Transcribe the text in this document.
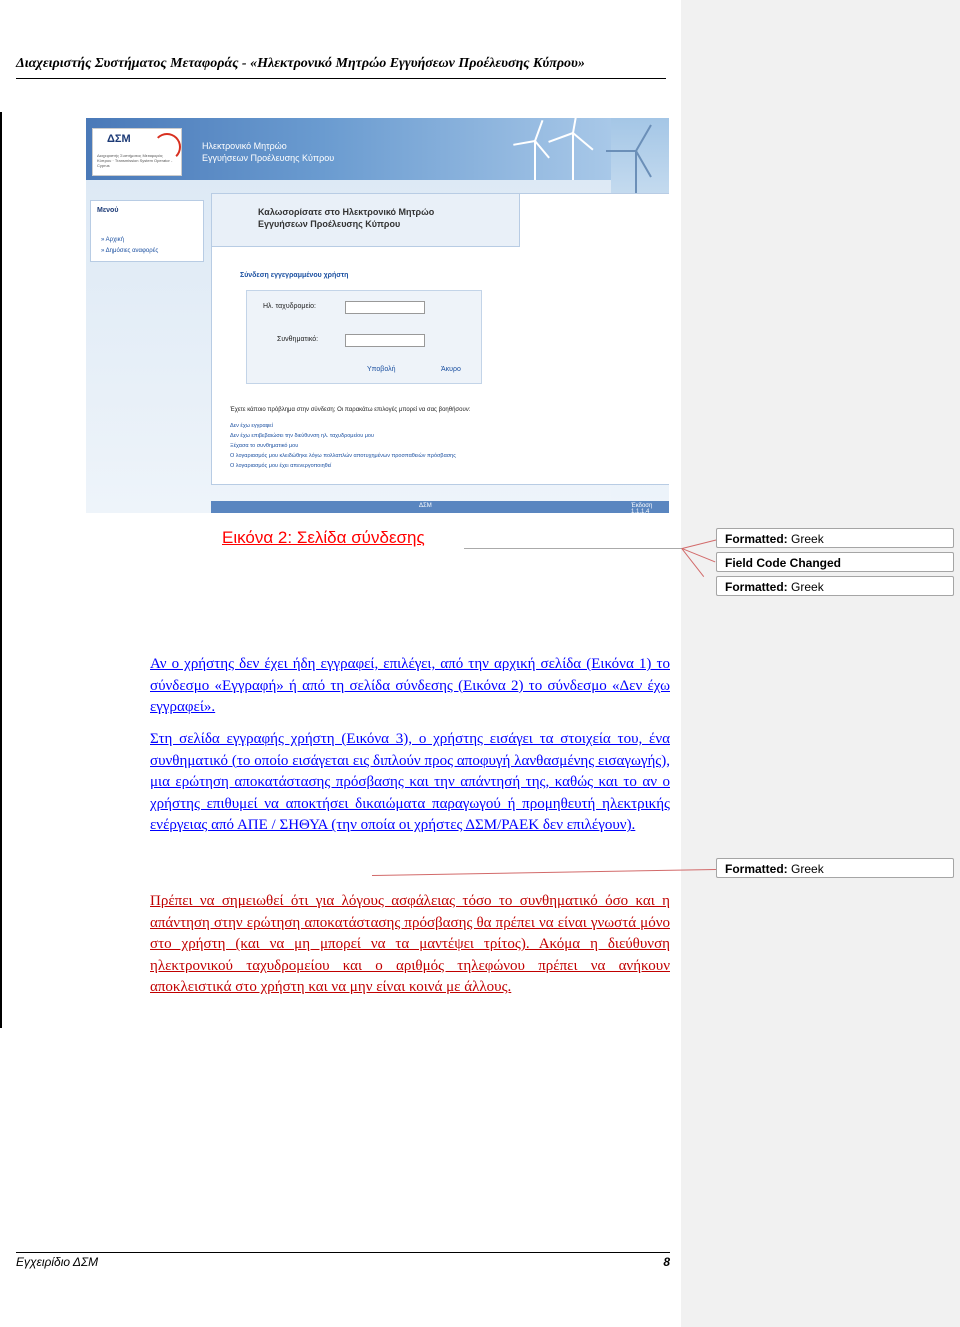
Διαχειριστής Συστήματος Μεταφοράς - «Ηλεκτρονικό Μητρώο Εγγυήσεων Προέλευσης Κύπρου»
ΔΣΜ
Διαχειριστής Συστήματος Μεταφοράς Κύπρου · Transmission System Operator - Cyprus
Ηλεκτρονικό Μητρώο
Εγγυήσεων Προέλευσης Κύπρου
Μενού
» Αρχική
» Δημόσιες αναφορές
Καλωσορίσατε στο Ηλεκτρονικό Μητρώο
Εγγυήσεων Προέλευσης Κύπρου
Σύνδεση εγγεγραμμένου χρήστη
Ηλ. ταχυδρομείο:
Συνθηματικό:
Υποβολή	Άκυρο
Έχετε κάποιο πρόβλημα στην σύνδεση; Οι παρακάτω επιλογές μπορεί να σας βοηθήσουν:
Δεν έχω εγγραφεί
Δεν έχω επιβεβαιώσει την διεύθυνση ηλ. ταχυδρομείου μου
Ξέχασα το συνθηματικό μου
Ο λογαριασμός μου κλειδώθηκε λόγω πολλαπλών αποτυχημένων προσπαθειών πρόσβασης
Ο λογαριασμός μου έχει απενεργοποιηθεί
ΔΣΜ	Έκδοση 1.1.1.4
Εικόνα 2: Σελίδα σύνδεσης
Αν ο χρήστης δεν έχει ήδη εγγραφεί, επιλέγει, από την αρχική σελίδα (Εικόνα 1) το σύνδεσμο «Εγγραφή» ή από τη σελίδα σύνδεσης (Εικόνα 2) το σύνδεσμο «Δεν έχω εγγραφεί».
Στη σελίδα εγγραφής χρήστη (Εικόνα 3), ο χρήστης εισάγει τα στοιχεία του, ένα συνθηματικό (το οποίο εισάγεται εις διπλούν προς αποφυγή λανθασμένης εισαγωγής), μια ερώτηση αποκατάστασης πρόσβασης και την απάντησή της, καθώς και το αν ο χρήστης επιθυμεί να αποκτήσει δικαιώματα παραγωγού ή προμηθευτή ηλεκτρικής ενέργειας από ΑΠΕ / ΣΗΘΥΑ (την οποία οι χρήστες ΔΣΜ/ΡΑΕΚ δεν επιλέγουν).
Πρέπει να σημειωθεί ότι για λόγους ασφάλειας τόσο το συνθηματικό όσο και η απάντηση στην ερώτηση αποκατάστασης πρόσβασης θα πρέπει να είναι γνωστά μόνο στο χρήστη (και να μη μπορεί να τα μαντέψει τρίτος). Ακόμα η διεύθυνση ηλεκτρονικού ταχυδρομείου και ο αριθμός τηλεφώνου πρέπει να ανήκουν αποκλειστικά στο χρήστη και να μην είναι κοινά με άλλους.
Formatted: Greek
Field Code Changed
Formatted: Greek
Formatted: Greek
Εγχειρίδιο ΔΣΜ	8
